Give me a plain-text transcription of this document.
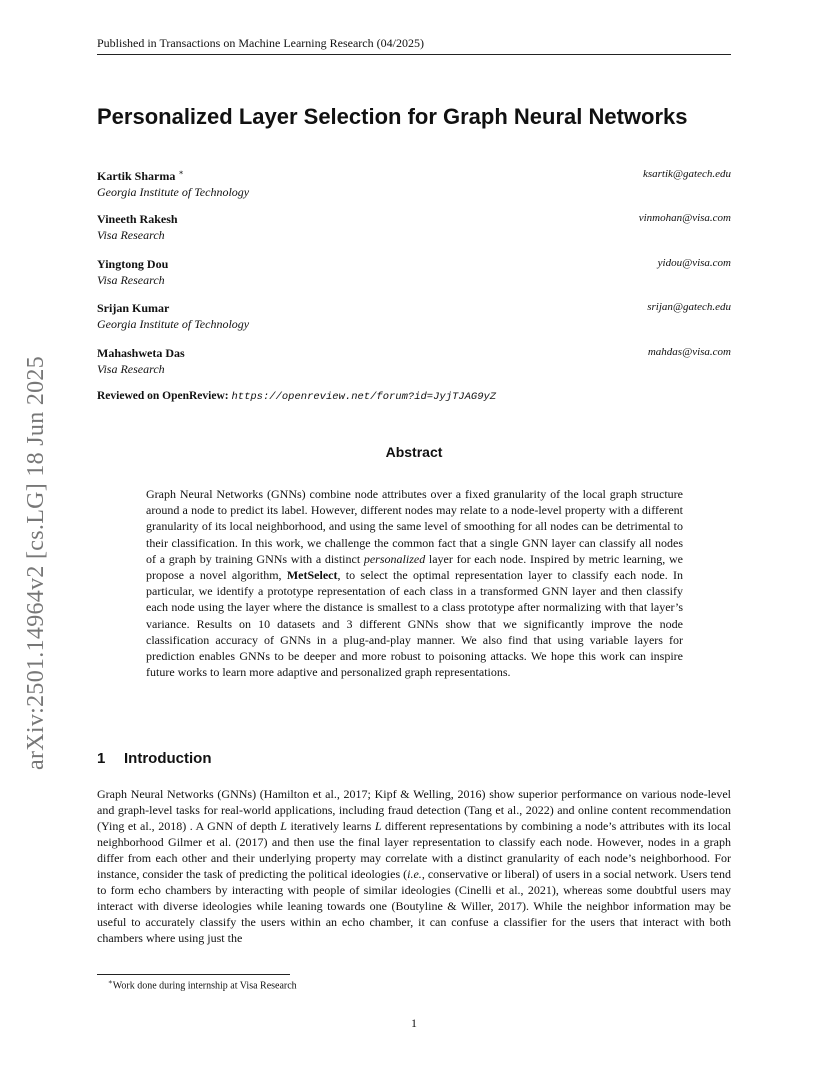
Published in Transactions on Machine Learning Research (04/2025)
arXiv:2501.14964v2 [cs.LG] 18 Jun 2025
Personalized Layer Selection for Graph Neural Networks
Kartik Sharma ∗
Georgia Institute of Technology
ksartik@gatech.edu
Vineeth Rakesh
Visa Research
vinmohan@visa.com
Yingtong Dou
Visa Research
yidou@visa.com
Srijan Kumar
Georgia Institute of Technology
srijan@gatech.edu
Mahashweta Das
Visa Research
mahdas@visa.com
Reviewed on OpenReview: https://openreview.net/forum?id=JyjTJAG9yZ
Abstract
Graph Neural Networks (GNNs) combine node attributes over a fixed granularity of the local graph structure around a node to predict its label. However, different nodes may relate to a node-level property with a different granularity of its local neighborhood, and using the same level of smoothing for all nodes can be detrimental to their classification. In this work, we challenge the common fact that a single GNN layer can classify all nodes of a graph by training GNNs with a distinct personalized layer for each node. Inspired by metric learning, we propose a novel algorithm, MetSelect, to select the optimal representation layer to classify each node. In particular, we identify a prototype representation of each class in a transformed GNN layer and then classify each node using the layer where the distance is smallest to a class prototype after normalizing with that layer’s variance. Results on 10 datasets and 3 different GNNs show that we significantly improve the node classification accuracy of GNNs in a plug-and-play manner. We also find that using variable layers for prediction enables GNNs to be deeper and more robust to poisoning attacks. We hope this work can inspire future works to learn more adaptive and personalized graph representations.
1 Introduction
Graph Neural Networks (GNNs) (Hamilton et al., 2017; Kipf & Welling, 2016) show superior performance on various node-level and graph-level tasks for real-world applications, including fraud detection (Tang et al., 2022) and online content recommendation (Ying et al., 2018) . A GNN of depth L iteratively learns L different representations by combining a node’s attributes with its local neighborhood Gilmer et al. (2017) and then use the final layer representation to classify each node. However, nodes in a graph differ from each other and their underlying property may correlate with a distinct granularity of each node’s neighborhood. For instance, consider the task of predicting the political ideologies (i.e., conservative or liberal) of users in a social network. Users tend to form echo chambers by interacting with people of similar ideologies (Cinelli et al., 2021), whereas some doubtful users may interact with diverse ideologies while leaning towards one (Boutyline & Willer, 2017). While the neighbor information may be useful to accurately classify the users within an echo chamber, it can confuse a classifier for the users that interact with both chambers where using just the
∗Work done during internship at Visa Research
1
